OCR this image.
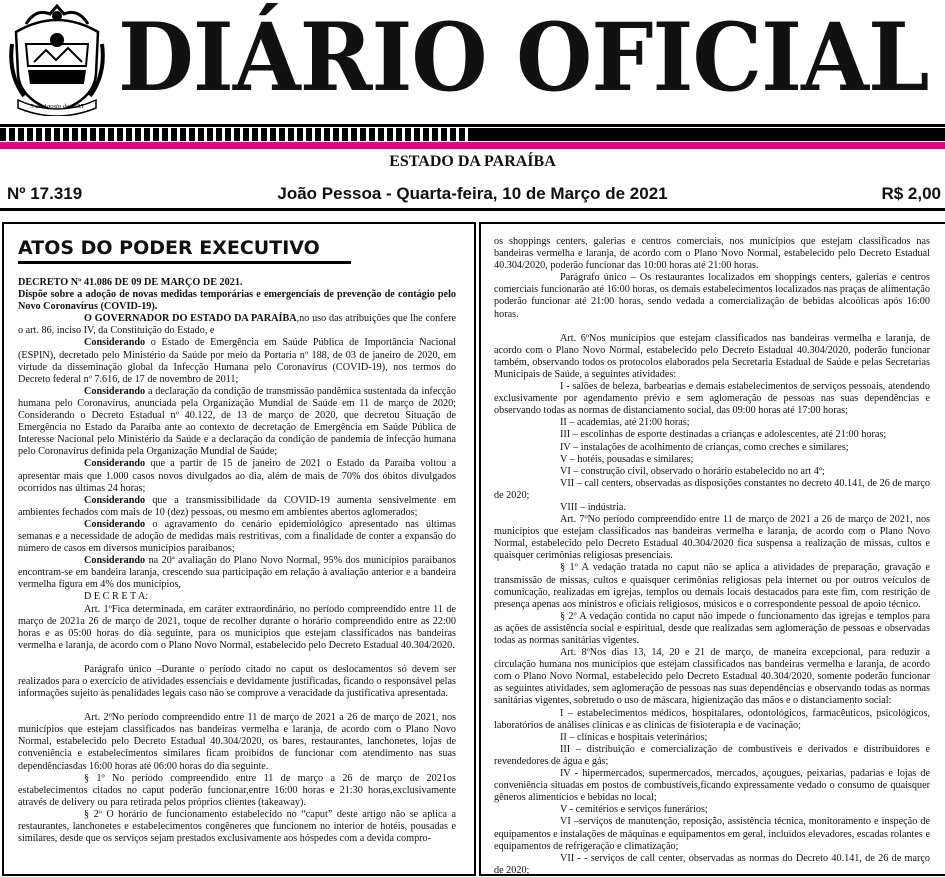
5 de Agosto de 1585 DIÁRIO OFICIAL
ESTADO DA PARAÍBA
João Pessoa - Quarta-feira, 10 de Março de 2021
Nº 17.319	R$ 2,00
ATOS DO PODER EXECUTIVO

DECRETO Nº 41.086 DE 09 DE MARÇO DE 2021.

Dispõe sobre a adoção de novas medidas temporárias e emergenciais de prevenção de contágio pelo Novo Coronavírus (COVID-19).

O GOVERNADOR DO ESTADO DA PARAÍBA,no uso das atribuições que lhe confere o art. 86, inciso IV, da Constituição do Estado, e

Considerando o Estado de Emergência em Saúde Pública de Importância Nacional (ESPIN), decretado pelo Ministério da Saúde por meio da Portaria nº 188, de 03 de janeiro de 2020, em virtude da disseminação global da Infecção Humana pelo Coronavírus (COVID-19), nos termos do Decreto federal nº 7.616, de 17 de novembro de 2011;

Considerando a declaração da condição de transmissão pandêmica sustentada da infecção humana pelo Coronavírus, anunciada pela Organização Mundial de Saúde em 11 de março de 2020; Considerando o Decreto Estadual nº 40.122, de 13 de março de 2020, que decretou Situação de Emergência no Estado da Paraíba ante ao contexto de decretação de Emergência em Saúde Pública de Interesse Nacional pelo Ministério da Saúde e a declaração da condição de pandemia de infecção humana pelo Coronavírus definida pela Organização Mundial de Saúde;

Considerando que a partir de 15 de janeiro de 2021 o Estado da Paraíba voltou a apresentar mais que 1.000 casos novos divulgados ao dia, além de mais de 70% dos óbitos divulgados ocorridos nas últimas 24 horas;

Considerando que a transmissibilidade da COVID-19 aumenta sensivelmente em ambientes fechados com mais de 10 (dez) pessoas, ou mesmo em ambientes abertos aglomerados;

Considerando o agravamento do cenário epidemiológico apresentado nas últimas semanas e a necessidade de adoção de medidas mais restritivas, com a finalidade de conter a expansão do número de casos em diversos municípios paraibanos;

Considerando na 20ª avaliação do Plano Novo Normal, 95% dos municípios paraibanos encontram-se em bandeira laranja, crescendo sua participação em relação à avaliação anterior e a bandeira vermelha figura em 4% dos municípios,

D E C R E T A:

Art. 1ºFica determinada, em caráter extraordinário, no período compreendido entre 11 de março de 2021a 26 de março de 2021, toque de recolher durante o horário compreendido entre as 22:00 horas e as 05:00 horas do dia seguinte, para os municípios que estejam classificados nas bandeiras vermelha e laranja, de acordo com o Plano Novo Normal, estabelecido pelo Decreto Estadual 40.304/2020.

Parágrafo único –Durante o período citado no caput os deslocamentos só devem ser realizados para o exercício de atividades essenciais e devidamente justificadas, ficando o responsável pelas informações sujeito às penalidades legais caso não se comprove a veracidade da justificativa apresentada.

Art. 2ºNo período compreendido entre 11 de março de 2021 a 26 de março de 2021, nos municípios que estejam classificados nas bandeiras vermelha e laranja, de acordo com o Plano Novo Normal, estabelecido pelo Decreto Estadual 40.304/2020, os bares, restaurantes, lanchonetes, lojas de conveniência e estabelecimentos similares ficam proibidos de funcionar com atendimento nas suas dependênciasdas 16:00 horas até 06:00 horas do dia seguinte.

§ 1º No período compreendido entre 11 de março a 26 de março de 2021os estabelecimentos citados no caput poderão funcionar,entre 16:00 horas e 21:30 horas,exclusivamente através de delivery ou para retirada pelos próprios clientes (takeaway).

§ 2º O horário de funcionamento estabelecido no “caput” deste artigo não se aplica a restaurantes, lanchonetes e estabelecimentos congêneres que funcionem no interior de hotéis, pousadas e similares, desde que os serviços sejam prestados exclusivamente aos hóspedes com a devida compro-

os shoppings centers, galerias e centros comerciais, nos municípios que estejam classificados nas bandeiras vermelha e laranja, de acordo com o Plano Novo Normal, estabelecido pelo Decreto Estadual 40.304/2020, poderão funcionar das 10:00 horas até 21:00 horas.

Parágrafo único – Os restaurantes localizados em shoppings centers, galerias e centros comerciais funcionarão até 16:00 horas, os demais estabelecimentos localizados nas praças de alimentação poderão funcionar até 21:00 horas, sendo vedada a comercialização de bebidas alcoólicas após 16:00 horas.

Art. 6ºNos municípios que estejam classificados nas bandeiras vermelha e laranja, de acordo com o Plano Novo Normal, estabelecido pelo Decreto Estadual 40.304/2020, poderão funcionar também, observando todos os protocolos elaborados pela Secretaria Estadual de Saúde e pelas Secretarias Municipais de Saúde, a seguintes atividades:

I - salões de beleza, barbearias e demais estabelecimentos de serviços pessoais, atendendo exclusivamente por agendamento prévio e sem aglomeração de pessoas nas suas dependências e observando todas as normas de distanciamento social, das 09:00 horas até 17:00 horas;

II – academias, até 21:00 horas;

III – escolinhas de esporte destinadas a crianças e adolescentes, até 21:00 horas;

IV – instalações de acolhimento de crianças, como creches e similares;

V – hotéis, pousadas e similares;

VI – construção civil, observado o horário estabelecido no art 4º;

VII – call centers, observadas as disposições constantes no decreto 40.141, de 26 de março de 2020;

VIII – indústria.

Art. 7ºNo período compreendido entre 11 de março de 2021 a 26 de março de 2021, nos municípios que estejam classificados nas bandeiras vermelha e laranja, de acordo com o Plano Novo Normal, estabelecido pelo Decreto Estadual 40.304/2020 fica suspensa a realização de missas, cultos e quaisquer cerimônias religiosas presenciais.

§ 1º A vedação tratada no caput não se aplica a atividades de preparação, gravação e transmissão de missas, cultos e quaisquer cerimônias religiosas pela internet ou por outros veículos de comunicação, realizadas em igrejas, templos ou demais locais destacados para este fim, com restrição de presença apenas aos ministros e oficiais religiosos, músicos e o correspondente pessoal de apoio técnico.

§ 2º A vedação contida no caput não impede o funcionamento das igrejas e templos para as ações de assistência social e espiritual, desde que realizadas sem aglomeração de pessoas e observadas todas as normas sanitárias vigentes.

Art. 8ºNos dias 13, 14, 20 e 21 de março, de maneira excepcional, para reduzir a circulação humana nos municípios que estejam classificados nas bandeiras vermelha e laranja, de acordo com o Plano Novo Normal, estabelecido pelo Decreto Estadual 40.304/2020, somente poderão funcionar as seguintes atividades, sem aglomeração de pessoas nas suas dependências e observando todas as normas sanitárias vigentes, sobretudo o uso de máscara, higienização das mãos e o distanciamento social:

I – estabelecimentos médicos, hospitalares, odontológicos, farmacêuticos, psicológicos, laboratórios de análises clínicas e as clínicas de fisioterapia e de vacinação;

II – clínicas e hospitais veterinários;

III – distribuição e comercialização de combustíveis e derivados e distribuidores e revendedores de água e gás;

IV - hipermercados, supermercados, mercados, açougues, peixarias, padarias e lojas de conveniência situadas em postos de combustíveis,ficando expressamente vedado o consumo de quaisquer gêneros alimentícios e bebidas no local;

V - cemitérios e serviços funerários;

VI –serviços de manutenção, reposição, assistência técnica, monitoramento e inspeção de equipamentos e instalações de máquinas e equipamentos em geral, incluídos elevadores, escadas rolantes e equipamentos de refrigeração e climatização;

VII - - serviços de call center, observadas as normas do Decreto 40.141, de 26 de março de 2020;
